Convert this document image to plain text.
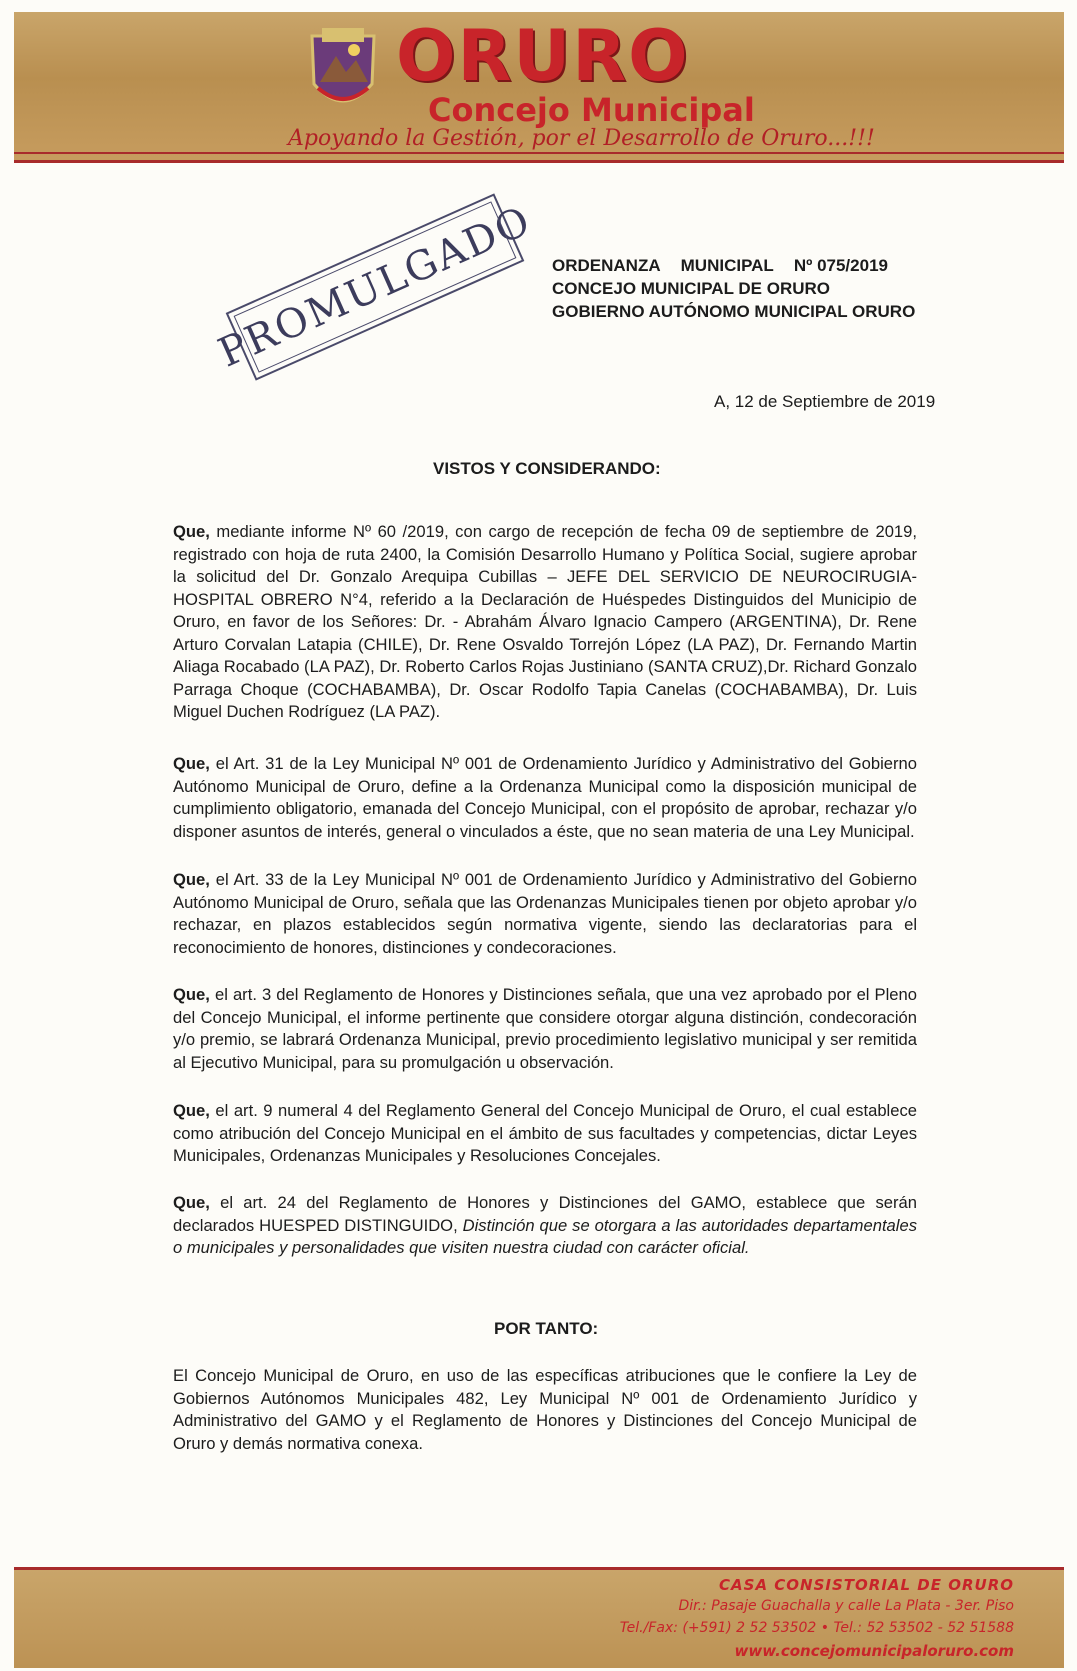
ORURO
Concejo Municipal
Apoyando la Gestión, por el Desarrollo de Oruro...!!!
PROMULGADO ORDENANZA MUNICIPAL Nº 075/2019
CONCEJO MUNICIPAL DE ORURO
GOBIERNO AUTÓNOMO MUNICIPAL ORURO
A, 12 de Septiembre de 2019
VISTOS Y CONSIDERANDO:
Que, mediante informe Nº 60 /2019, con cargo de recepción de fecha 09 de septiembre de 2019, registrado con hoja de ruta 2400, la Comisión Desarrollo Humano y Política Social, sugiere aprobar la solicitud del Dr. Gonzalo Arequipa Cubillas – JEFE DEL SERVICIO DE NEUROCIRUGIA-HOSPITAL OBRERO N°4, referido a la Declaración de Huéspedes Distinguidos del Municipio de Oruro, en favor de los Señores: Dr. - Abrahám Álvaro Ignacio Campero (ARGENTINA), Dr. Rene Arturo Corvalan Latapia (CHILE), Dr. Rene Osvaldo Torrejón López (LA PAZ), Dr. Fernando Martin Aliaga Rocabado (LA PAZ), Dr. Roberto Carlos Rojas Justiniano (SANTA CRUZ),Dr. Richard Gonzalo Parraga Choque (COCHABAMBA), Dr. Oscar Rodolfo Tapia Canelas (COCHABAMBA), Dr. Luis Miguel Duchen Rodríguez (LA PAZ).
Que, el Art. 31 de la Ley Municipal Nº 001 de Ordenamiento Jurídico y Administrativo del Gobierno Autónomo Municipal de Oruro, define a la Ordenanza Municipal como la disposición municipal de cumplimiento obligatorio, emanada del Concejo Municipal, con el propósito de aprobar, rechazar y/o disponer asuntos de interés, general o vinculados a éste, que no sean materia de una Ley Municipal.
Que, el Art. 33 de la Ley Municipal Nº 001 de Ordenamiento Jurídico y Administrativo del Gobierno Autónomo Municipal de Oruro, señala que las Ordenanzas Municipales tienen por objeto aprobar y/o rechazar, en plazos establecidos según normativa vigente, siendo las declaratorias para el reconocimiento de honores, distinciones y condecoraciones.
Que, el art. 3 del Reglamento de Honores y Distinciones señala, que una vez aprobado por el Pleno del Concejo Municipal, el informe pertinente que considere otorgar alguna distinción, condecoración y/o premio, se labrará Ordenanza Municipal, previo procedimiento legislativo municipal y ser remitida al Ejecutivo Municipal, para su promulgación u observación.
Que, el art. 9 numeral 4 del Reglamento General del Concejo Municipal de Oruro, el cual establece como atribución del Concejo Municipal en el ámbito de sus facultades y competencias, dictar Leyes Municipales, Ordenanzas Municipales y Resoluciones Concejales.
Que, el art. 24 del Reglamento de Honores y Distinciones del GAMO, establece que serán declarados HUESPED DISTINGUIDO, Distinción que se otorgara a las autoridades departamentales o municipales y personalidades que visiten nuestra ciudad con carácter oficial.
POR TANTO:
El Concejo Municipal de Oruro, en uso de las específicas atribuciones que le confiere la Ley de Gobiernos Autónomos Municipales 482, Ley Municipal Nº 001 de Ordenamiento Jurídico y Administrativo del GAMO y el Reglamento de Honores y Distinciones del Concejo Municipal de Oruro y demás normativa conexa.
CASA CONSISTORIAL DE ORURO
Dir.: Pasaje Guachalla y calle La Plata - 3er. Piso
Tel./Fax: (+591) 2 52 53502 • Tel.: 52 53502 - 52 51588
www.concejomunicipaloruro.com
